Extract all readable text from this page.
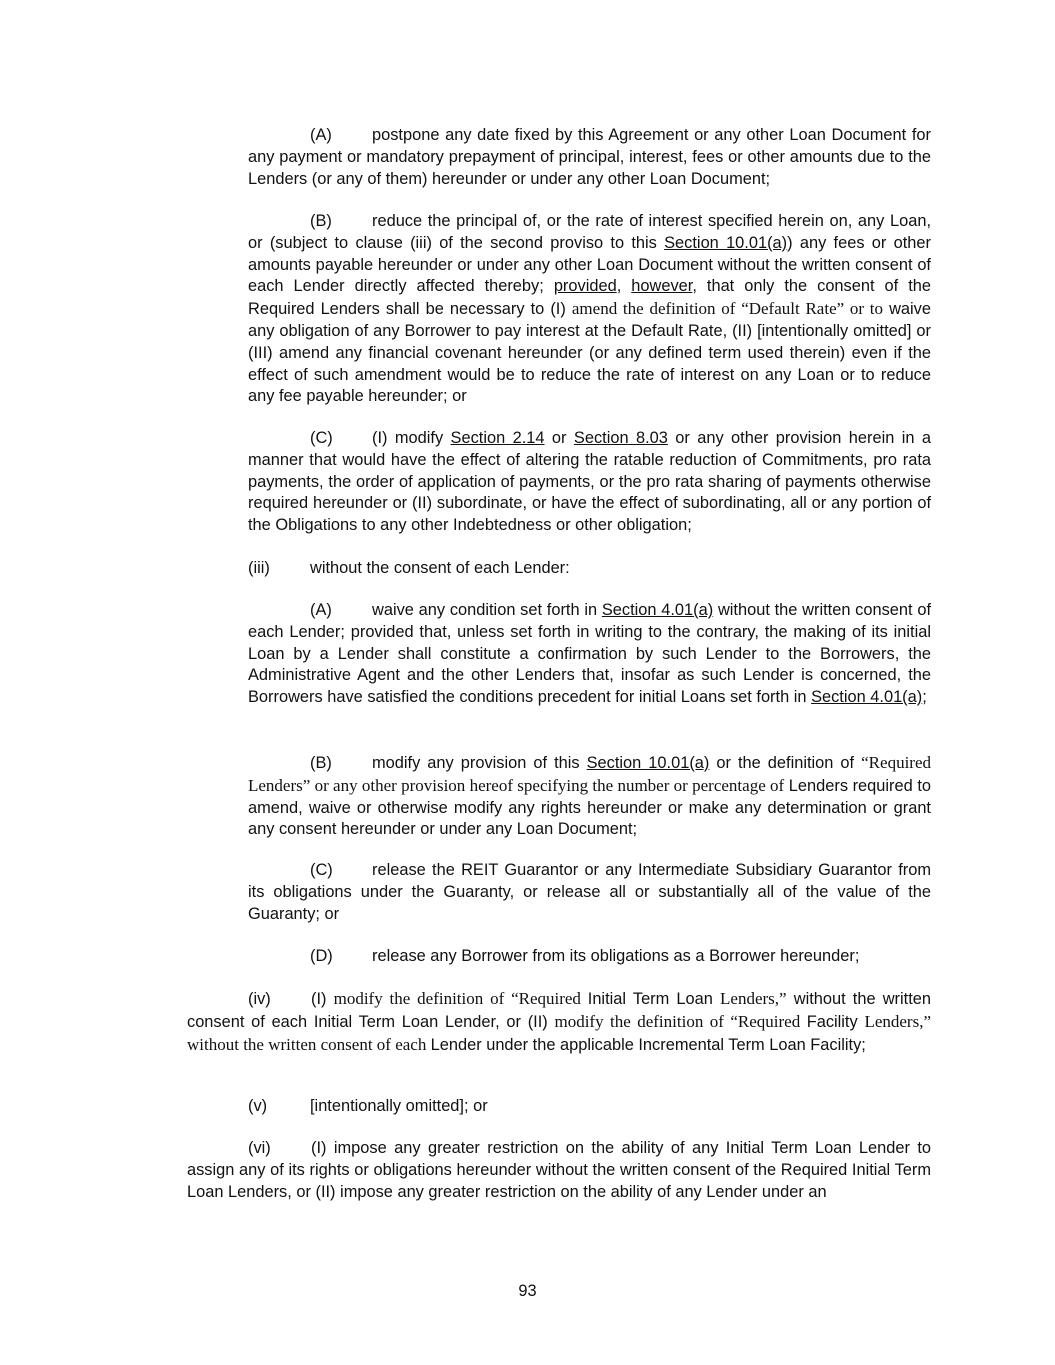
(A) postpone any date fixed by this Agreement or any other Loan Document for any payment or mandatory prepayment of principal, interest, fees or other amounts due to the Lenders (or any of them) hereunder or under any other Loan Document;

(B) reduce the principal of, or the rate of interest specified herein on, any Loan, or (subject to clause (iii) of the second proviso to this Section 10.01(a)) any fees or other amounts payable hereunder or under any other Loan Document without the written consent of each Lender directly affected thereby; provided, however, that only the consent of the Required Lenders shall be necessary to (I) amend the definition of “Default Rate” or to waive any obligation of any Borrower to pay interest at the Default Rate, (II) [intentionally omitted] or (III) amend any financial covenant hereunder (or any defined term used therein) even if the effect of such amendment would be to reduce the rate of interest on any Loan or to reduce any fee payable hereunder; or

(C) (I) modify Section 2.14 or Section 8.03 or any other provision herein in a manner that would have the effect of altering the ratable reduction of Commitments, pro rata payments, the order of application of payments, or the pro rata sharing of payments otherwise required hereunder or (II) subordinate, or have the effect of subordinating, all or any portion of the Obligations to any other Indebtedness or other obligation;

(iii) without the consent of each Lender:

(A) waive any condition set forth in Section 4.01(a) without the written consent of each Lender; provided that, unless set forth in writing to the contrary, the making of its initial Loan by a Lender shall constitute a confirmation by such Lender to the Borrowers, the Administrative Agent and the other Lenders that, insofar as such Lender is concerned, the Borrowers have satisfied the conditions precedent for initial Loans set forth in Section 4.01(a);

(B) modify any provision of this Section 10.01(a) or the definition of “Required Lenders” or any other provision hereof specifying the number or percentage of Lenders required to amend, waive or otherwise modify any rights hereunder or make any determination or grant any consent hereunder or under any Loan Document;

(C) release the REIT Guarantor or any Intermediate Subsidiary Guarantor from its obligations under the Guaranty, or release all or substantially all of the value of the Guaranty; or

(D) release any Borrower from its obligations as a Borrower hereunder;

(iv) (I) modify the definition of “Required Initial Term Loan Lenders,” without the written consent of each Initial Term Loan Lender, or (II) modify the definition of “Required Facility Lenders,” without the written consent of each Lender under the applicable Incremental Term Loan Facility;

(v)	[intentionally omitted]; or

(vi) (I) impose any greater restriction on the ability of any Initial Term Loan Lender to assign any of its rights or obligations hereunder without the written consent of the Required Initial Term Loan Lenders, or (II) impose any greater restriction on the ability of any Lender under an

93
